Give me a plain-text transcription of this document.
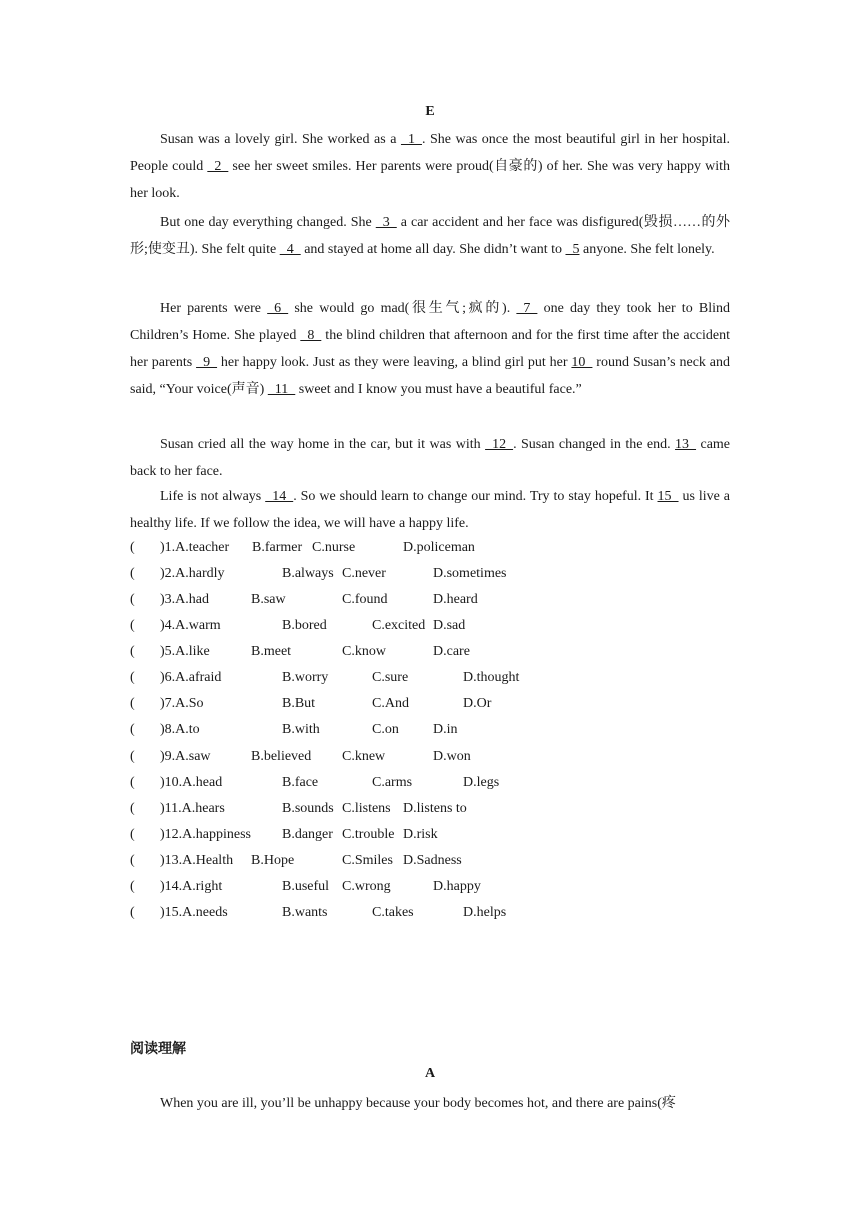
E
Susan was a lovely girl. She worked as a   1  . She was once the most beautiful girl in her hospital. People could   2   see her sweet smiles. Her parents were proud(自豪的) of her. She was very happy with her look.
But one day everything changed. She   3   a car accident and her face was disfigured(毁损……的外形;使变丑). She felt quite   4   and stayed at home all day. She didn’t want to   5 anyone. She felt lonely.
Her parents were   6   she would go mad(很生气;疯的).   7   one day they took her to Blind Children’s Home. She played   8   the blind children that afternoon and for the first time after the accident her parents   9   her happy look. Just as they were leaving, a blind girl put her 10   round Susan’s neck and said, “Your voice(声音)   11   sweet and I know you must have a beautiful face.”
Susan cried all the way home in the car, but it was with   12  . Susan changed in the end. 13   came back to her face.
Life is not always   14  . So we should learn to change our mind. Try to stay hopeful. It 15   us live a healthy life. If we follow the idea, we will have a happy life.
( )1.A.teacher B.farmer C.nurse	D.policeman
( )2.A.hardly	B.always C.never	D.sometimes
( )3.A.had	B.saw	C.found	D.heard
( )4.A.warm	B.bored	C.excited D.sad
( )5.A.like	B.meet	C.know	D.care
( )6.A.afraid	B.worry	C.sure	D.thought
( )7.A.So	B.But	C.And	D.Or
( )8.A.to	B.with	C.on D.in
( )9.A.saw	B.believed C.knew	D.won
( )10.A.head	B.face	C.arms	D.legs
( )11.A.hears	B.sounds C.listens D.listens to
( )12.A.happiness B.danger C.trouble D.risk
( )13.A.Health B.Hope	C.Smiles D.Sadness
( )14.A.right	B.useful C.wrong	D.happy
( )15.A.needs	B.wants	C.takes	D.helps
阅读理解
A
When you are ill, you’ll be unhappy because your body becomes hot, and there are pains(疼
